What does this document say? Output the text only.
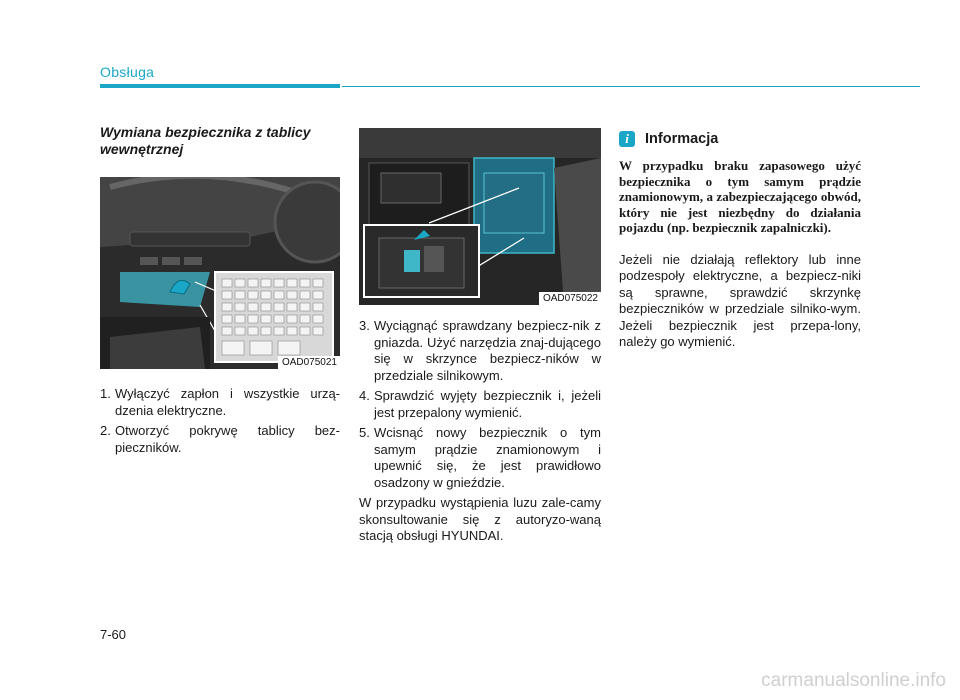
Obsługa
Wymiana bezpiecznika z tablicy wewnętrznej
OAD075021
1. Wyłączyć zapłon i wszystkie urzą-dzenia elektryczne.
2. Otworzyć pokrywę tablicy bez-pieczników.
OAD075022
3. Wyciągnąć sprawdzany bezpiecz-nik z gniazda. Użyć narzędzia znaj-dującego się w skrzynce bezpiecz-ników w przedziale silnikowym.
4. Sprawdzić wyjęty bezpiecznik i, jeżeli jest przepalony wymienić.
5. Wcisnąć nowy bezpiecznik o tym samym prądzie znamionowym i upewnić się, że jest prawidłowo osadzony w gnieździe.

W przypadku wystąpienia luzu zale-camy skonsultowanie się z autoryzo-waną stacją obsługi HYUNDAI.

i	Informacja

W przypadku braku zapasowego użyć bezpiecznika o tym samym prądzie znamionowym, a zabezpieczającego obwód, który nie jest niezbędny do działania pojazdu (np. bezpiecznik zapalniczki).

Jeżeli nie działają reflektory lub inne podzespoły elektryczne, a bezpiecz-niki są sprawne, sprawdzić skrzynkę bezpieczników w przedziale silniko-wym. Jeżeli bezpiecznik jest przepa-lony, należy go wymienić.

7-60
carmanualsonline.info
